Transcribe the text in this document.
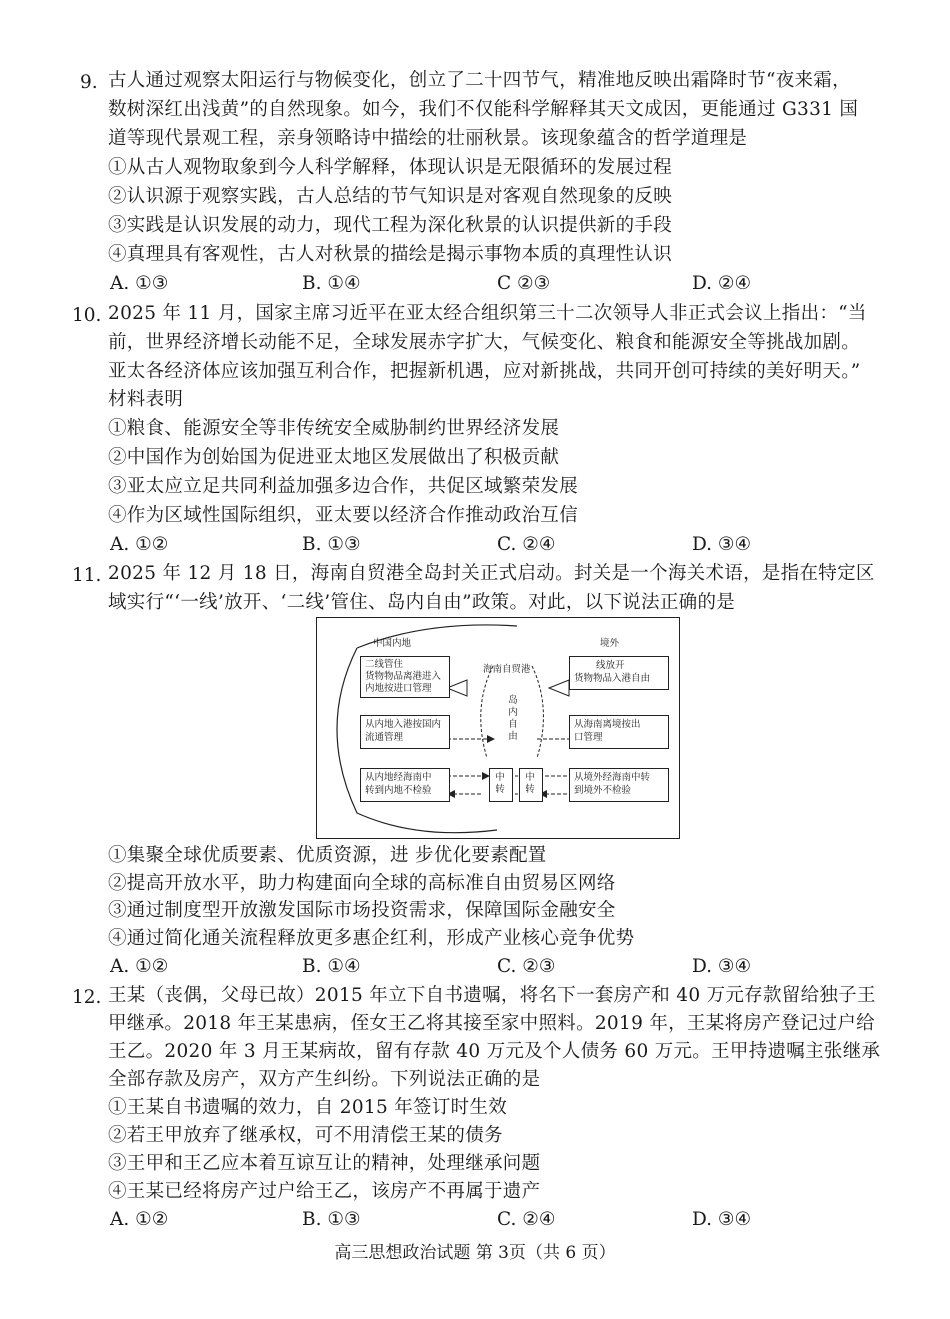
9. 古人通过观察太阳运行与物候变化，创立了二十四节气，精准地反映出霜降时节“夜来霜，
数树深红出浅黄”的自然现象。如今，我们不仅能科学解释其天文成因，更能通过 G331 国
道等现代景观工程，亲身领略诗中描绘的壮丽秋景。该现象蕴含的哲学道理是
①从古人观物取象到今人科学解释，体现认识是无限循环的发展过程
②认识源于观察实践，古人总结的节气知识是对客观自然现象的反映
③实践是认识发展的动力，现代工程为深化秋景的认识提供新的手段
④真理具有客观性，古人对秋景的描绘是揭示事物本质的真理性认识
A. ①③	B. ①④	C ②③	D. ②④
10. 2025 年 11 月，国家主席习近平在亚太经合组织第三十二次领导人非正式会议上指出：“当
前，世界经济增长动能不足，全球发展赤字扩大，气候变化、粮食和能源安全等挑战加剧。
亚太各经济体应该加强互利合作，把握新机遇，应对新挑战，共同开创可持续的美好明天。”
材料表明
①粮食、能源安全等非传统安全威胁制约世界经济发展
②中国作为创始国为促进亚太地区发展做出了积极贡献
③亚太应立足共同利益加强多边合作，共促区域繁荣发展
④作为区域性国际组织，亚太要以经济合作推动政治互信
A. ①②	B. ①③	C. ②④	D. ③④
11. 2025 年 12 月 18 日，海南自贸港全岛封关正式启动。封关是一个海关术语，是指在特定区
域实行“‘一线’放开、‘二线’管住、岛内自由”政策。对此，以下说法正确的是
中国内地	境外
海南自贸港
岛内自由
二线管住
货物物品离港进入
内地按进口管理
从内地入港按国内
流通管理
从内地经海南中
转到内地不检验
线放开
货物物品入港自由
从海南离境按出
口管理
从境外经海南中转
到境外不检验
中转
中转
①集聚全球优质要素、优质资源，进 步优化要素配置
②提高开放水平，助力构建面向全球的高标准自由贸易区网络
③通过制度型开放激发国际市场投资需求，保障国际金融安全
④通过简化通关流程释放更多惠企红利，形成产业核心竞争优势
A. ①②	B. ①④	C. ②③	D. ③④
12. 王某（丧偶，父母已故）2015 年立下自书遗嘱，将名下一套房产和 40 万元存款留给独子王
甲继承。2018 年王某患病，侄女王乙将其接至家中照料。2019 年，王某将房产登记过户给
王乙。2020 年 3 月王某病故，留有存款 40 万元及个人债务 60 万元。王甲持遗嘱主张继承
全部存款及房产，双方产生纠纷。下列说法正确的是
①王某自书遗嘱的效力，自 2015 年签订时生效
②若王甲放弃了继承权，可不用清偿王某的债务
③王甲和王乙应本着互谅互让的精神，处理继承问题
④王某已经将房产过户给王乙，该房产不再属于遗产
A. ①②	B. ①③	C. ②④	D. ③④
高三思想政治试题 第 3页（共 6 页）
